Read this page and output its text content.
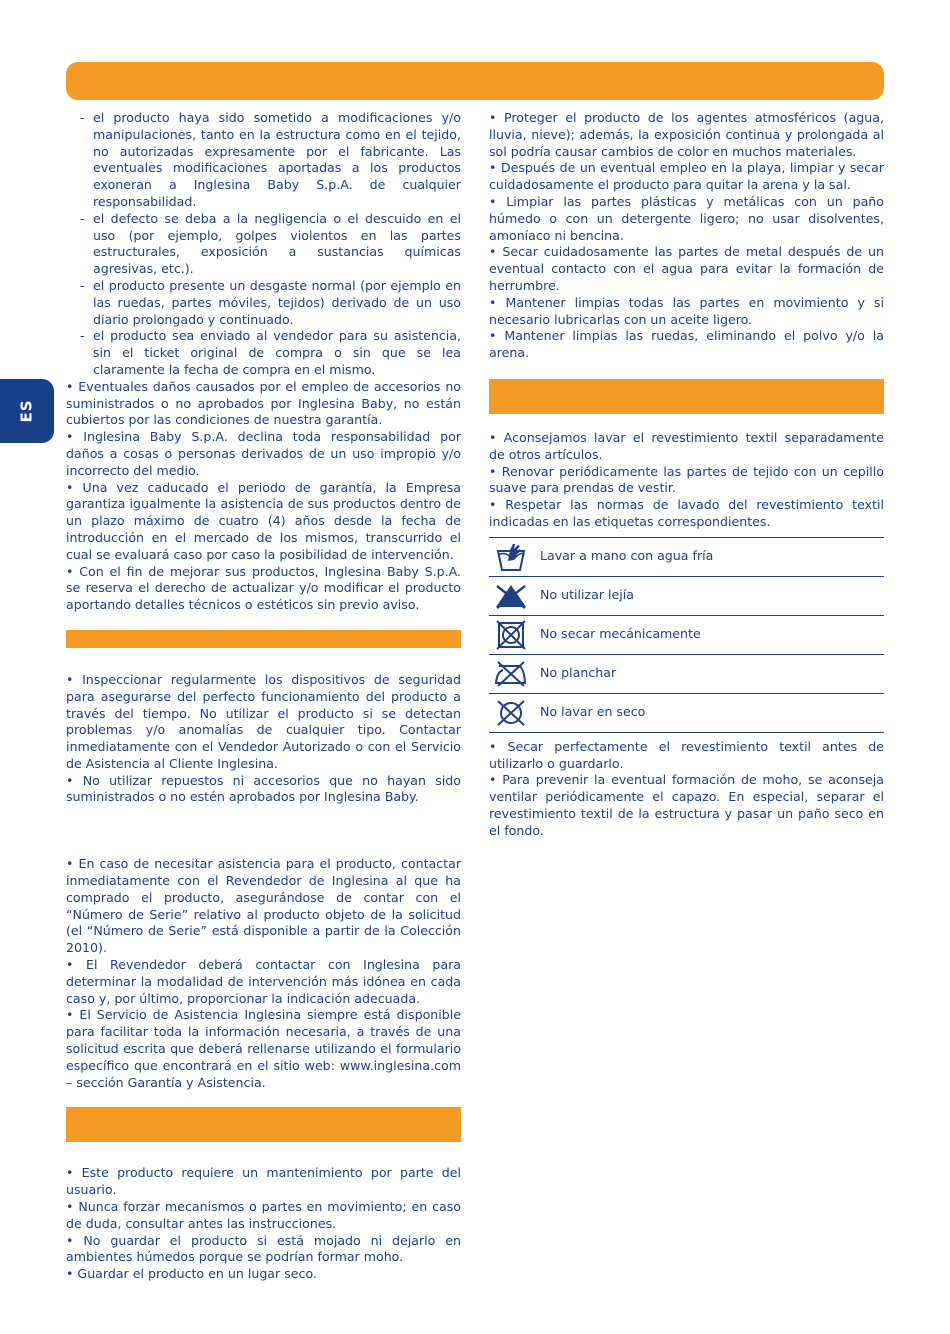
ES

- el producto haya sido sometido a modificaciones y/o manipulaciones, tanto en la estructura como en el tejido, no autorizadas expresamente por el fabricante. Las eventuales modificaciones aportadas a los productos exoneran a Inglesina Baby S.p.A. de cualquier responsabilidad.

- el defecto se deba a la negligencia o el descuido en el uso (por ejemplo, golpes violentos en las partes estructurales, exposición a sustancias químicas agresivas, etc.).

- el producto presente un desgaste normal (por ejemplo en las ruedas, partes móviles, tejidos) derivado de un uso diario prolongado y continuado.

- el producto sea enviado al vendedor para su asistencia, sin el ticket original de compra o sin que se lea claramente la fecha de compra en el mismo.

• Eventuales daños causados por el empleo de accesorios no suministrados o no aprobados por Inglesina Baby, no están cubiertos por las condiciones de nuestra garantía.

• Inglesina Baby S.p.A. declina toda responsabilidad por daños a cosas o personas derivados de un uso impropio y/o incorrecto del medio.

• Una vez caducado el periodo de garantía, la Empresa garantiza igualmente la asistencia de sus productos dentro de un plazo máximo de cuatro (4) años desde la fecha de introducción en el mercado de los mismos, transcurrido el cual se evaluará caso por caso la posibilidad de intervención.

• Con el fin de mejorar sus productos, Inglesina Baby S.p.A. se reserva el derecho de actualizar y/o modificar el producto aportando detalles técnicos o estéticos sin previo aviso.

• Inspeccionar regularmente los dispositivos de seguridad para asegurarse del perfecto funcionamiento del producto a través del tiempo. No utilizar el producto si se detectan problemas y/o anomalías de cualquier tipo. Contactar inmediatamente con el Vendedor Autorizado o con el Servicio de Asistencia al Cliente Inglesina.

• No utilizar repuestos ni accesorios que no hayan sido suministrados o no estén aprobados por Inglesina Baby.

• En caso de necesitar asistencia para el producto, contactar inmediatamente con el Revendedor de Inglesina al que ha comprado el producto, asegurándose de contar con el “Número de Serie” relativo al producto objeto de la solicitud (el “Número de Serie” está disponible a partir de la Colección 2010).

• El Revendedor deberá contactar con Inglesina para determinar la modalidad de intervención más idónea en cada caso y, por último, proporcionar la indicación adecuada.

• El Servicio de Asistencia Inglesina siempre está disponible para facilitar toda la información necesaria, a través de una solicitud escrita que deberá rellenarse utilizando el formulario específico que encontrará en el sitio web: www.inglesina.com – sección Garantía y Asistencia.

• Este producto requiere un mantenimiento por parte del usuario.

• Nunca forzar mecanismos o partes en movimiento; en caso de duda, consultar antes las instrucciones.

• No guardar el producto si está mojado ni dejarlo en ambientes húmedos porque se podrían formar moho.

• Guardar el producto en un lugar seco.

• Proteger el producto de los agentes atmosféricos (agua, lluvia, nieve); además, la exposición continua y prolongada al sol podría causar cambios de color en muchos materiales.

• Después de un eventual empleo en la playa, limpiar y secar cuidadosamente el producto para quitar la arena y la sal.

• Limpiar las partes plásticas y metálicas con un paño húmedo o con un detergente ligero; no usar disolventes, amoníaco ni bencina.

• Secar cuidadosamente las partes de metal después de un eventual contacto con el agua para evitar la formación de herrumbre.

• Mantener limpias todas las partes en movimiento y si necesario lubricarlas con un aceite ligero.

• Mantener limpias las ruedas, eliminando el polvo y/o la arena.

• Aconsejamos lavar el revestimiento textil separadamente de otros artículos.

• Renovar periódicamente las partes de tejido con un cepillo suave para prendas de vestir.

• Respetar las normas de lavado del revestimiento textil indicadas en las etiquetas correspondientes.

Lavar a mano con agua fría
No utilizar lejía
No secar mecánicamente
No planchar
No lavar en seco

• Secar perfectamente el revestimiento textil antes de utilizarlo o guardarlo.

• Para prevenir la eventual formación de moho, se aconseja ventilar periódicamente el capazo. En especial, separar el revestimiento textil de la estructura y pasar un paño seco en el fondo.
